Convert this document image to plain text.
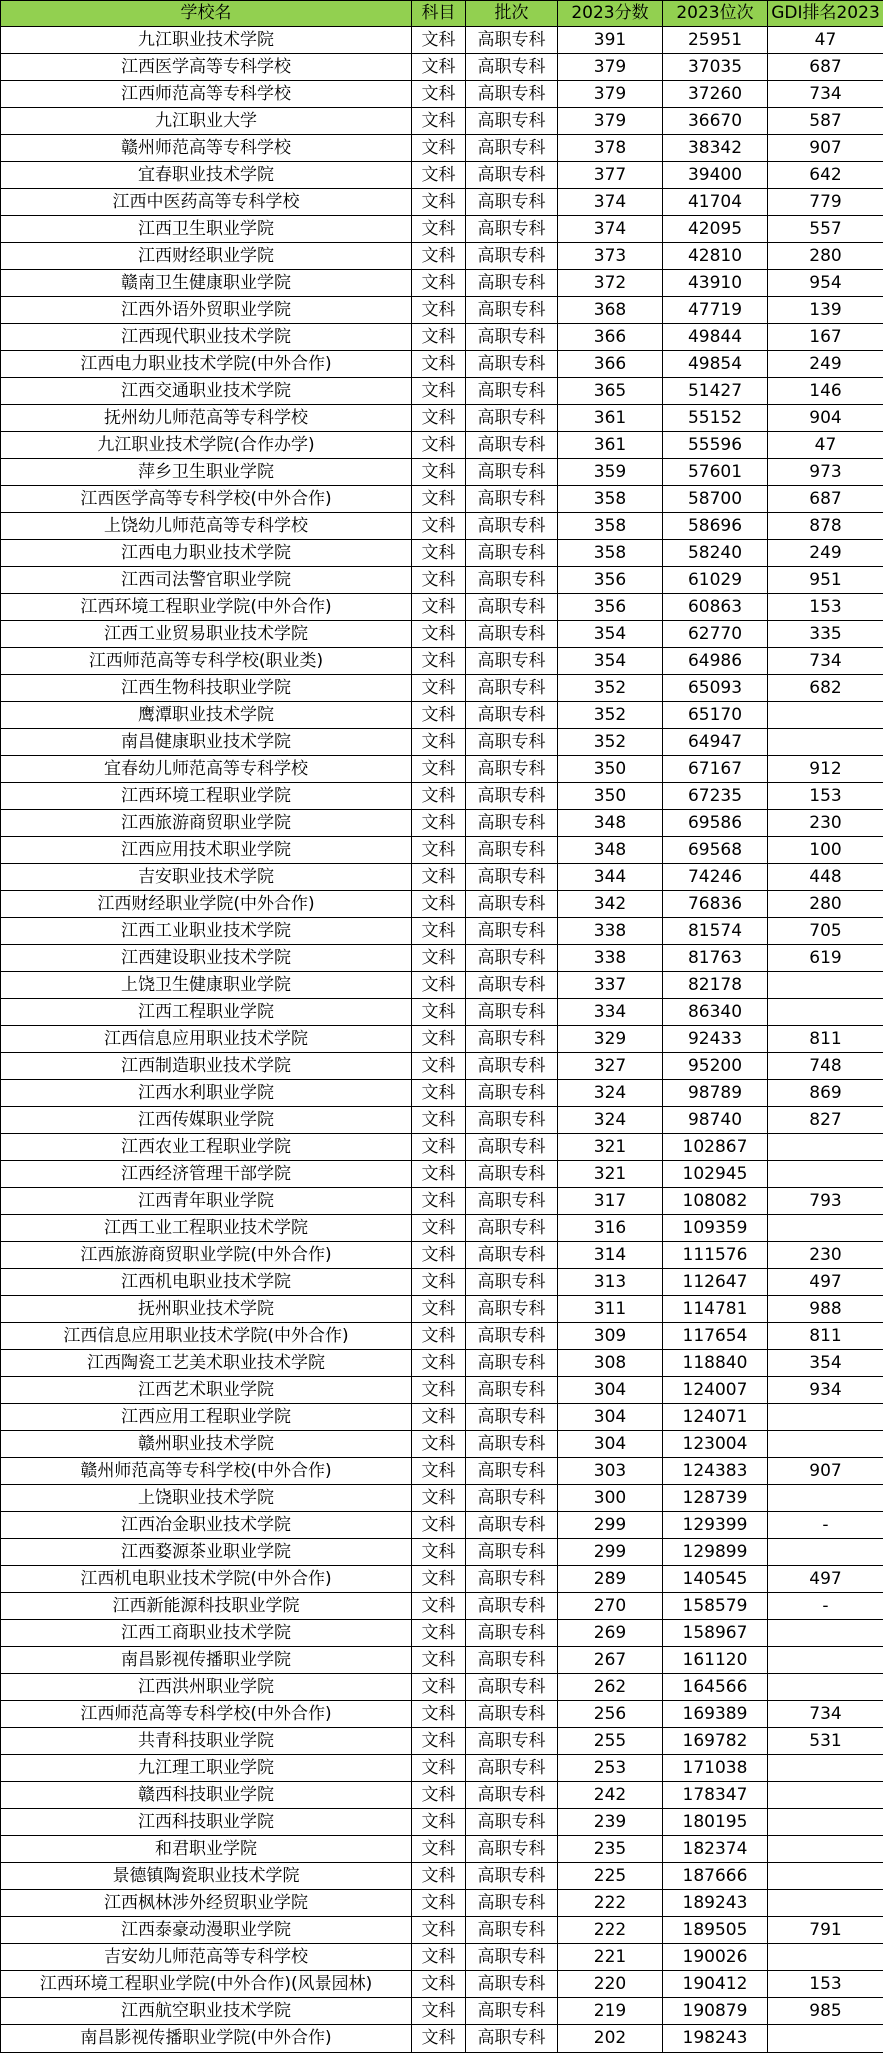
学校名	科目	批次	2023分数	2023位次	GDI排名2023
九江职业技术学院	文科	高职专科	391	25951	47
江西医学高等专科学校	文科	高职专科	379	37035	687
江西师范高等专科学校	文科	高职专科	379	37260	734
九江职业大学	文科	高职专科	379	36670	587
赣州师范高等专科学校	文科	高职专科	378	38342	907
宜春职业技术学院	文科	高职专科	377	39400	642
江西中医药高等专科学校	文科	高职专科	374	41704	779
江西卫生职业学院	文科	高职专科	374	42095	557
江西财经职业学院	文科	高职专科	373	42810	280
赣南卫生健康职业学院	文科	高职专科	372	43910	954
江西外语外贸职业学院	文科	高职专科	368	47719	139
江西现代职业技术学院	文科	高职专科	366	49844	167
江西电力职业技术学院(中外合作)	文科	高职专科	366	49854	249
江西交通职业技术学院	文科	高职专科	365	51427	146
抚州幼儿师范高等专科学校	文科	高职专科	361	55152	904
九江职业技术学院(合作办学)	文科	高职专科	361	55596	47
萍乡卫生职业学院	文科	高职专科	359	57601	973
江西医学高等专科学校(中外合作)	文科	高职专科	358	58700	687
上饶幼儿师范高等专科学校	文科	高职专科	358	58696	878
江西电力职业技术学院	文科	高职专科	358	58240	249
江西司法警官职业学院	文科	高职专科	356	61029	951
江西环境工程职业学院(中外合作)	文科	高职专科	356	60863	153
江西工业贸易职业技术学院	文科	高职专科	354	62770	335
江西师范高等专科学校(职业类)	文科	高职专科	354	64986	734
江西生物科技职业学院	文科	高职专科	352	65093	682
鹰潭职业技术学院	文科	高职专科	352	65170	
南昌健康职业技术学院	文科	高职专科	352	64947	
宜春幼儿师范高等专科学校	文科	高职专科	350	67167	912
江西环境工程职业学院	文科	高职专科	350	67235	153
江西旅游商贸职业学院	文科	高职专科	348	69586	230
江西应用技术职业学院	文科	高职专科	348	69568	100
吉安职业技术学院	文科	高职专科	344	74246	448
江西财经职业学院(中外合作)	文科	高职专科	342	76836	280
江西工业职业技术学院	文科	高职专科	338	81574	705
江西建设职业技术学院	文科	高职专科	338	81763	619
上饶卫生健康职业学院	文科	高职专科	337	82178	
江西工程职业学院	文科	高职专科	334	86340	
江西信息应用职业技术学院	文科	高职专科	329	92433	811
江西制造职业技术学院	文科	高职专科	327	95200	748
江西水利职业学院	文科	高职专科	324	98789	869
江西传媒职业学院	文科	高职专科	324	98740	827
江西农业工程职业学院	文科	高职专科	321	102867	
江西经济管理干部学院	文科	高职专科	321	102945	
江西青年职业学院	文科	高职专科	317	108082	793
江西工业工程职业技术学院	文科	高职专科	316	109359	
江西旅游商贸职业学院(中外合作)	文科	高职专科	314	111576	230
江西机电职业技术学院	文科	高职专科	313	112647	497
抚州职业技术学院	文科	高职专科	311	114781	988
江西信息应用职业技术学院(中外合作)	文科	高职专科	309	117654	811
江西陶瓷工艺美术职业技术学院	文科	高职专科	308	118840	354
江西艺术职业学院	文科	高职专科	304	124007	934
江西应用工程职业学院	文科	高职专科	304	124071	
赣州职业技术学院	文科	高职专科	304	123004	
赣州师范高等专科学校(中外合作)	文科	高职专科	303	124383	907
上饶职业技术学院	文科	高职专科	300	128739	
江西冶金职业技术学院	文科	高职专科	299	129399	-
江西婺源茶业职业学院	文科	高职专科	299	129899	
江西机电职业技术学院(中外合作)	文科	高职专科	289	140545	497
江西新能源科技职业学院	文科	高职专科	270	158579	-
江西工商职业技术学院	文科	高职专科	269	158967	
南昌影视传播职业学院	文科	高职专科	267	161120	
江西洪州职业学院	文科	高职专科	262	164566	
江西师范高等专科学校(中外合作)	文科	高职专科	256	169389	734
共青科技职业学院	文科	高职专科	255	169782	531
九江理工职业学院	文科	高职专科	253	171038	
赣西科技职业学院	文科	高职专科	242	178347	
江西科技职业学院	文科	高职专科	239	180195	
和君职业学院	文科	高职专科	235	182374	
景德镇陶瓷职业技术学院	文科	高职专科	225	187666	
江西枫林涉外经贸职业学院	文科	高职专科	222	189243	
江西泰豪动漫职业学院	文科	高职专科	222	189505	791
吉安幼儿师范高等专科学校	文科	高职专科	221	190026	
江西环境工程职业学院(中外合作)(风景园林)	文科	高职专科	220	190412	153
江西航空职业技术学院	文科	高职专科	219	190879	985
南昌影视传播职业学院(中外合作)	文科	高职专科	202	198243	
